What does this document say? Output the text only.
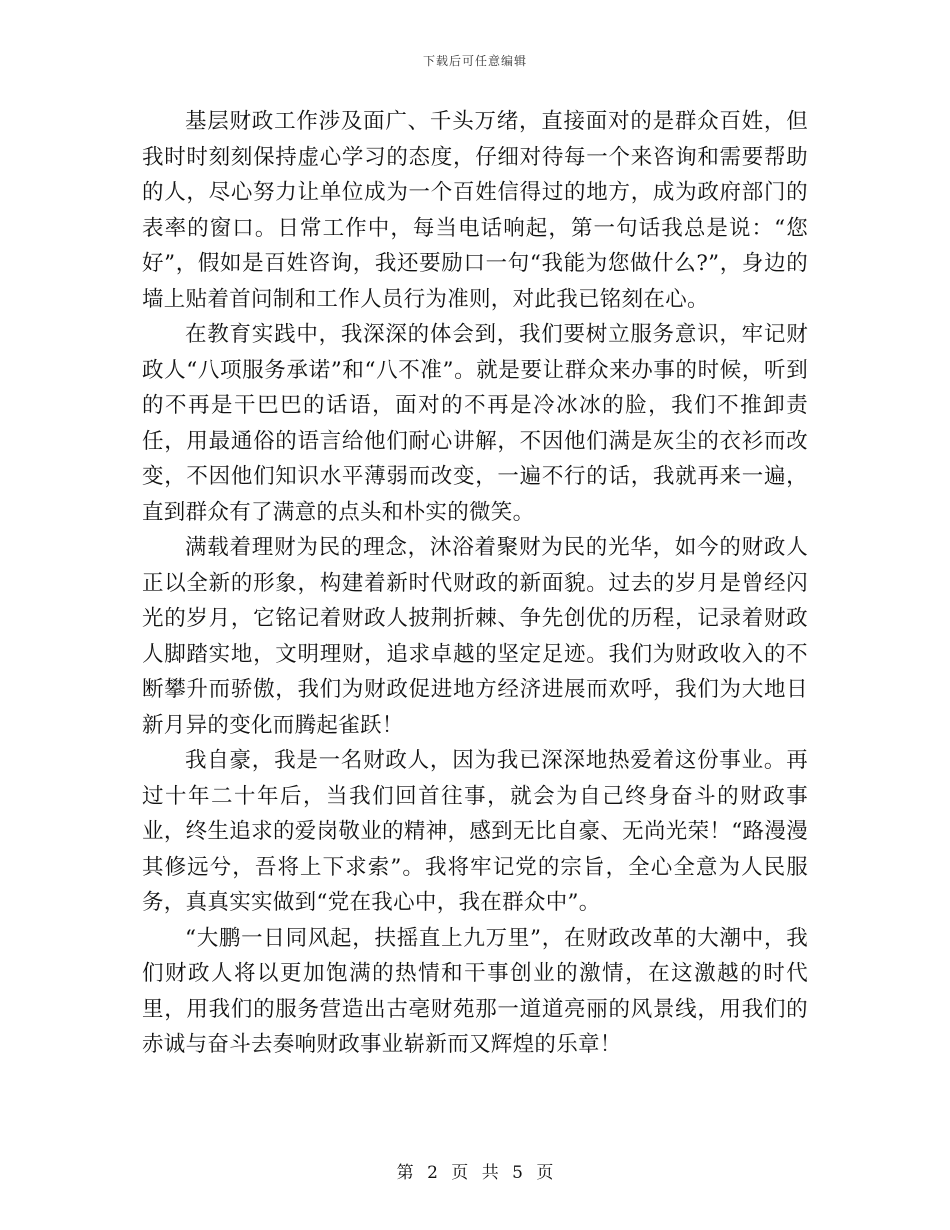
下载后可任意编辑

基层财政工作涉及面广、千头万绪，直接面对的是群众百姓，但我时时刻刻保持虚心学习的态度，仔细对待每一个来咨询和需要帮助的人，尽心努力让单位成为一个百姓信得过的地方，成为政府部门的表率的窗口。日常工作中，每当电话响起，第一句话我总是说：“您好”，假如是百姓咨询，我还要励口一句“我能为您做什么?”，身边的墙上贴着首问制和工作人员行为准则，对此我已铭刻在心。

在教育实践中，我深深的体会到，我们要树立服务意识，牢记财政人“八项服务承诺”和“八不准”。就是要让群众来办事的时候，听到的不再是干巴巴的话语，面对的不再是冷冰冰的脸，我们不推卸责任，用最通俗的语言给他们耐心讲解，不因他们满是灰尘的衣衫而改变，不因他们知识水平薄弱而改变，一遍不行的话，我就再来一遍，直到群众有了满意的点头和朴实的微笑。

满载着理财为民的理念，沐浴着聚财为民的光华，如今的财政人正以全新的形象，构建着新时代财政的新面貌。过去的岁月是曾经闪光的岁月，它铭记着财政人披荆折棘、争先创优的历程，记录着财政人脚踏实地，文明理财，追求卓越的坚定足迹。我们为财政收入的不断攀升而骄傲，我们为财政促进地方经济进展而欢呼，我们为大地日新月异的变化而腾起雀跃！

我自豪，我是一名财政人，因为我已深深地热爱着这份事业。再过十年二十年后，当我们回首往事，就会为自己终身奋斗的财政事业，终生追求的爱岗敬业的精神，感到无比自豪、无尚光荣！“路漫漫其修远兮，吾将上下求索”。我将牢记党的宗旨，全心全意为人民服务，真真实实做到“党在我心中，我在群众中”。

“大鹏一日同风起，扶摇直上九万里”，在财政改革的大潮中，我们财政人将以更加饱满的热情和干事创业的激情，在这激越的时代里，用我们的服务营造出古亳财苑那一道道亮丽的风景线，用我们的赤诚与奋斗去奏响财政事业崭新而又辉煌的乐章！

第 2 页 共 5 页
